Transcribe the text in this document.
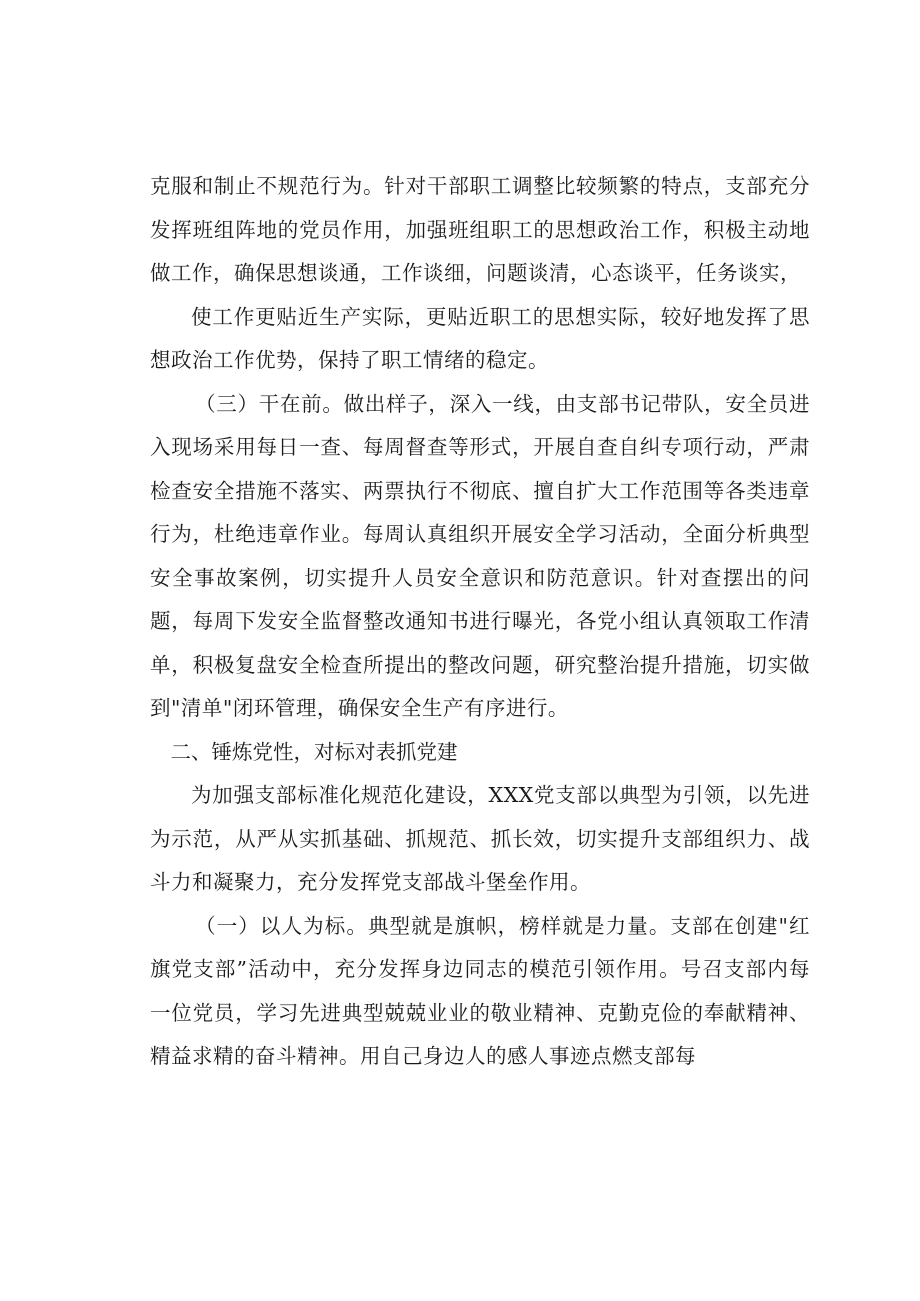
克服和制止不规范行为。针对干部职工调整比较频繁的特点，支部充分发挥班组阵地的党员作用，加强班组职工的思想政治工作，积极主动地做工作，确保思想谈通，工作谈细，问题谈清，心态谈平，任务谈实，

使工作更贴近生产实际，更贴近职工的思想实际，较好地发挥了思想政治工作优势，保持了职工情绪的稳定。

（三）干在前。做出样子，深入一线，由支部书记带队，安全员进入现场采用每日一查、每周督查等形式，开展自查自纠专项行动，严肃检查安全措施不落实、两票执行不彻底、擅自扩大工作范围等各类违章行为，杜绝违章作业。每周认真组织开展安全学习活动，全面分析典型安全事故案例，切实提升人员安全意识和防范意识。针对查摆出的问题，每周下发安全监督整改通知书进行曝光，各党小组认真领取工作清单，积极复盘安全检查所提出的整改问题，研究整治提升措施，切实做到"清单"闭环管理，确保安全生产有序进行。

二、锤炼党性，对标对表抓党建

为加强支部标准化规范化建设，XXX党支部以典型为引领，以先进为示范，从严从实抓基础、抓规范、抓长效，切实提升支部组织力、战斗力和凝聚力，充分发挥党支部战斗堡垒作用。

（一）以人为标。典型就是旗帜，榜样就是力量。支部在创建"红旗党支部”活动中，充分发挥身边同志的模范引领作用。号召支部内每一位党员，学习先进典型兢兢业业的敬业精神、克勤克俭的奉献精神、精益求精的奋斗精神。用自己身边人的感人事迹点燃支部每
